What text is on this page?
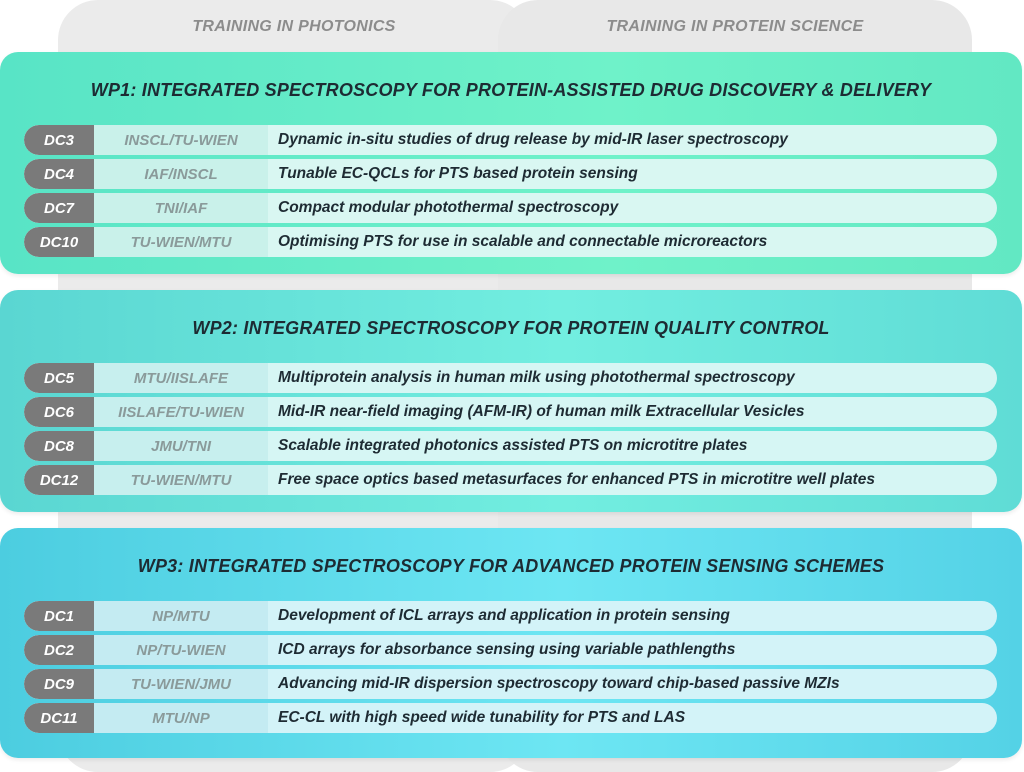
TRAINING IN PHOTONICS	TRAINING IN PROTEIN SCIENCE
WP1: INTEGRATED SPECTROSCOPY FOR PROTEIN-ASSISTED DRUG DISCOVERY & DELIVERY
DC3	INSCL/TU-WIEN	Dynamic in-situ studies of drug release by mid-IR laser spectroscopy
DC4	IAF/INSCL	Tunable EC-QCLs for PTS based protein sensing
DC7	TNI/IAF	Compact modular photothermal spectroscopy
DC10	TU-WIEN/MTU	Optimising PTS for use in scalable and connectable microreactors
WP2: INTEGRATED SPECTROSCOPY FOR PROTEIN QUALITY CONTROL
DC5	MTU/IISLAFE	Multiprotein analysis in human milk using photothermal spectroscopy
DC6	IISLAFE/TU-WIEN	Mid-IR near-field imaging (AFM-IR) of human milk Extracellular Vesicles
DC8	JMU/TNI	Scalable integrated photonics assisted PTS on microtitre plates
DC12	TU-WIEN/MTU	Free space optics based metasurfaces for enhanced PTS in microtitre well plates
WP3: INTEGRATED SPECTROSCOPY FOR ADVANCED PROTEIN SENSING SCHEMES
DC1	NP/MTU	Development of ICL arrays and application in protein sensing
DC2	NP/TU-WIEN	ICD arrays for absorbance sensing using variable pathlengths
DC9	TU-WIEN/JMU	Advancing mid-IR dispersion spectroscopy toward chip-based passive MZIs
DC11	MTU/NP	EC-CL with high speed wide tunability for PTS and LAS
